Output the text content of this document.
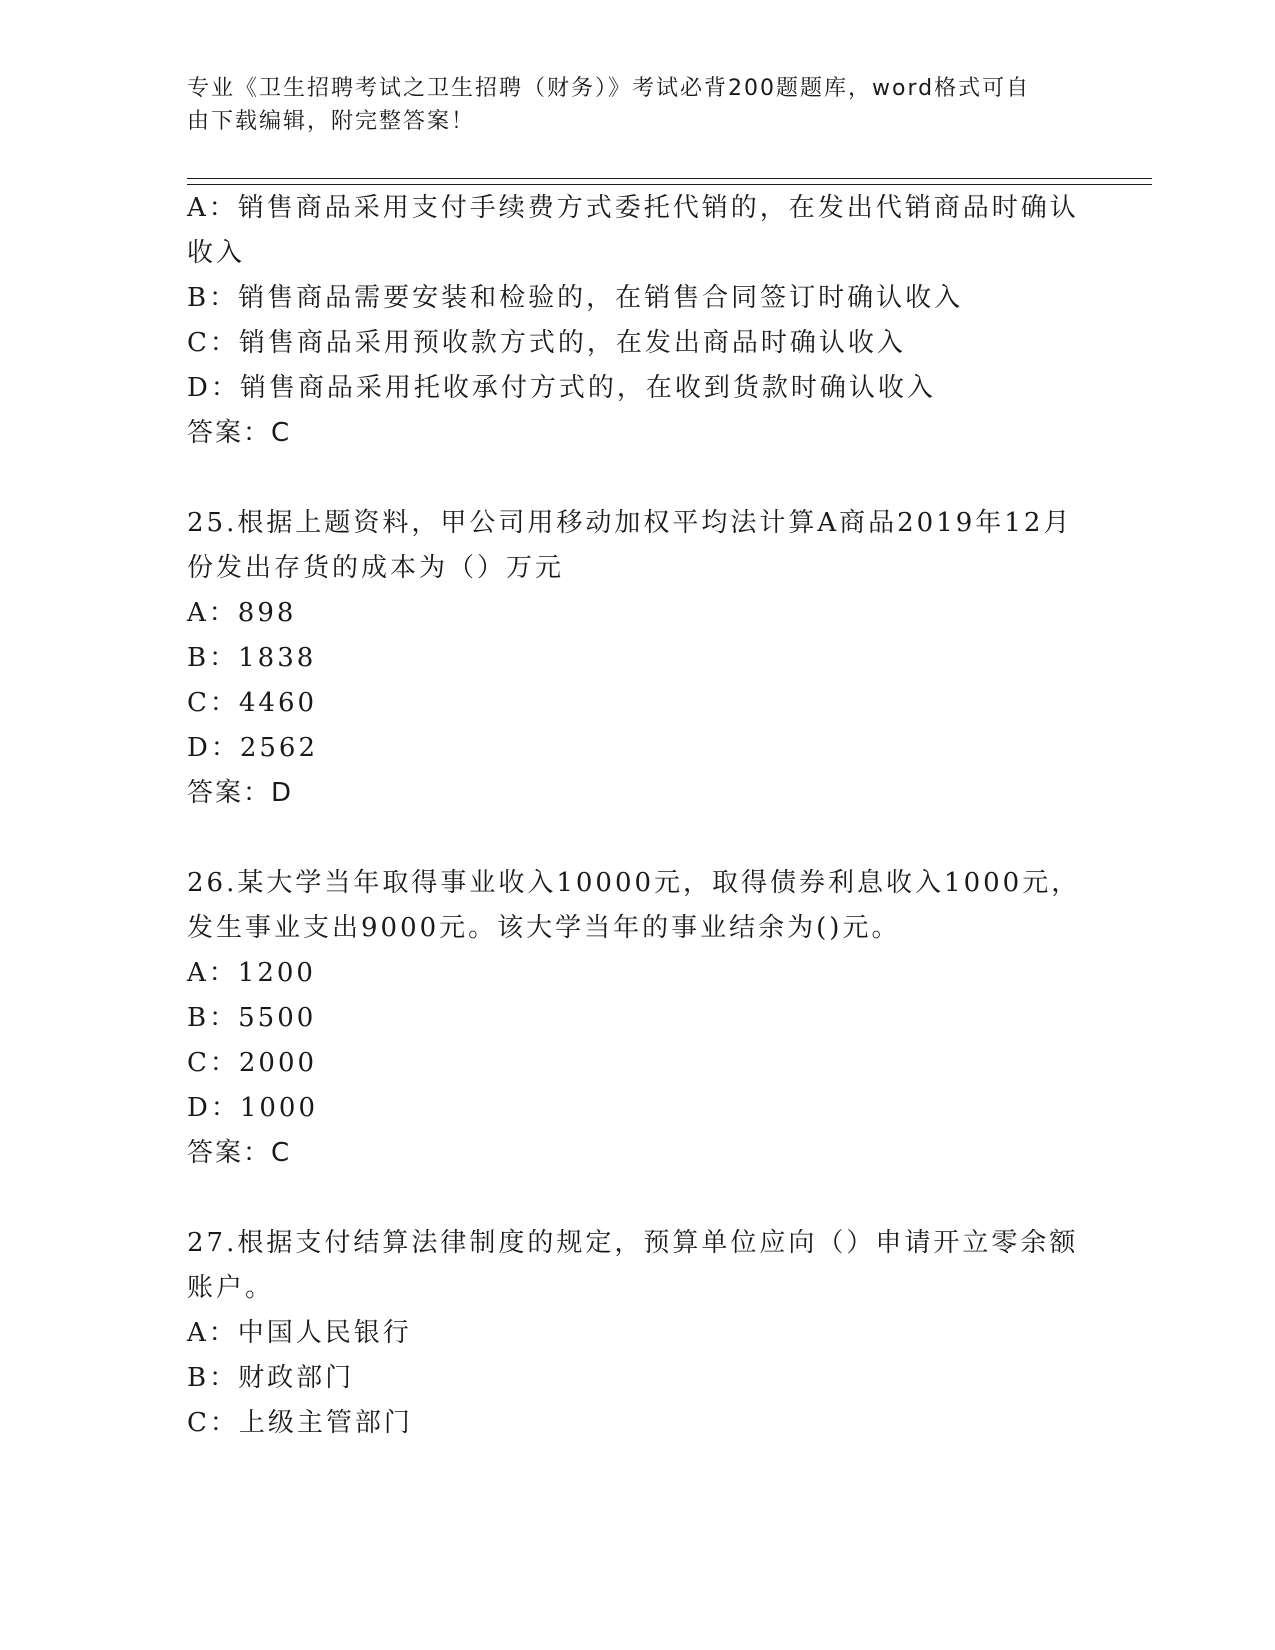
专业《卫生招聘考试之卫生招聘（财务）》考试必背200题题库，word格式可自
由下载编辑，附完整答案！
A：销售商品采用支付手续费方式委托代销的，在发出代销商品时确认
收入
B：销售商品需要安装和检验的，在销售合同签订时确认收入
C：销售商品采用预收款方式的，在发出商品时确认收入
D：销售商品采用托收承付方式的，在收到货款时确认收入
答案：C
25.根据上题资料，甲公司用移动加权平均法计算A商品2019年12月
份发出存货的成本为（）万元
A：898
B：1838
C：4460
D：2562
答案：D
26.某大学当年取得事业收入10000元，取得债券利息收入1000元，
发生事业支出9000元。该大学当年的事业结余为()元。
A：1200
B：5500
C：2000
D：1000
答案：C
27.根据支付结算法律制度的规定，预算单位应向（）申请开立零余额
账户。
A：中国人民银行
B：财政部门
C：上级主管部门
